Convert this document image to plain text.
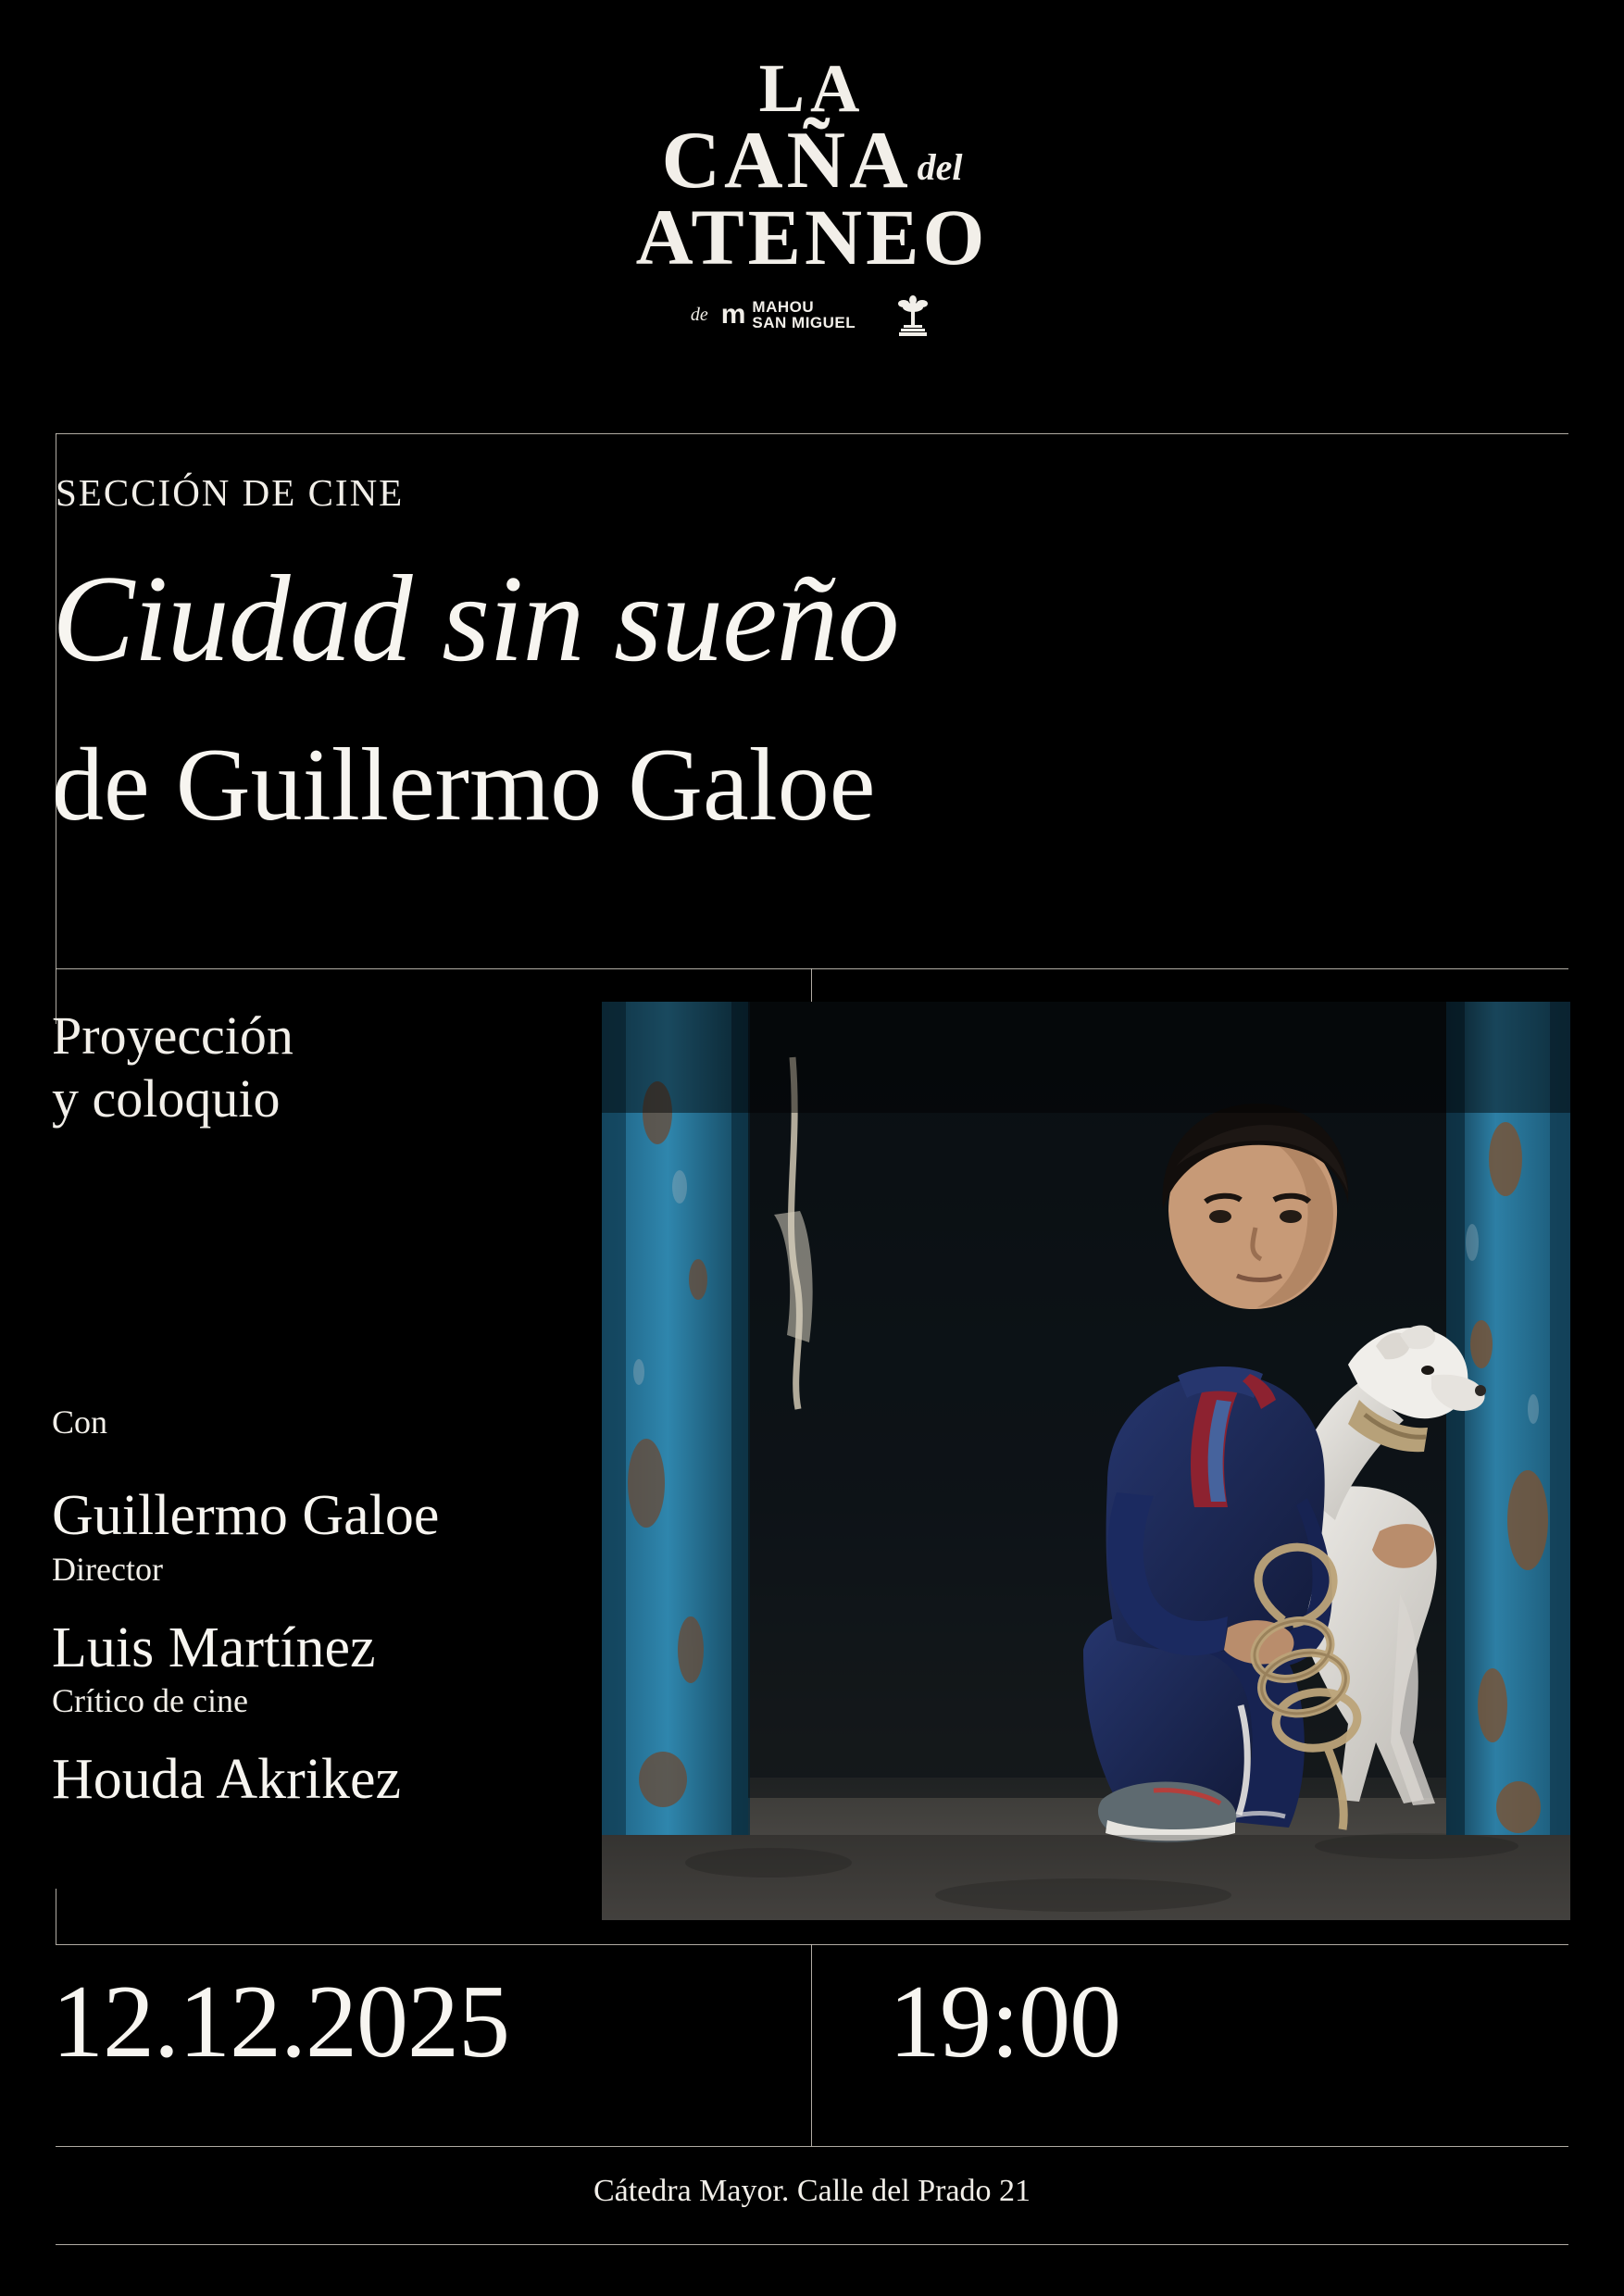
LA
CAÑA del
ATENEO
de m MAHOU
SAN MIGUEL
SECCIÓN DE CINE
Ciudad sin sueño
de Guillermo Galoe
Proyección
y coloquio
Con

Guillermo Galoe

Director

Luis Martínez

Crítico de cine

Houda Akrikez

12.12.2025	19:00
Cátedra Mayor. Calle del Prado 21
